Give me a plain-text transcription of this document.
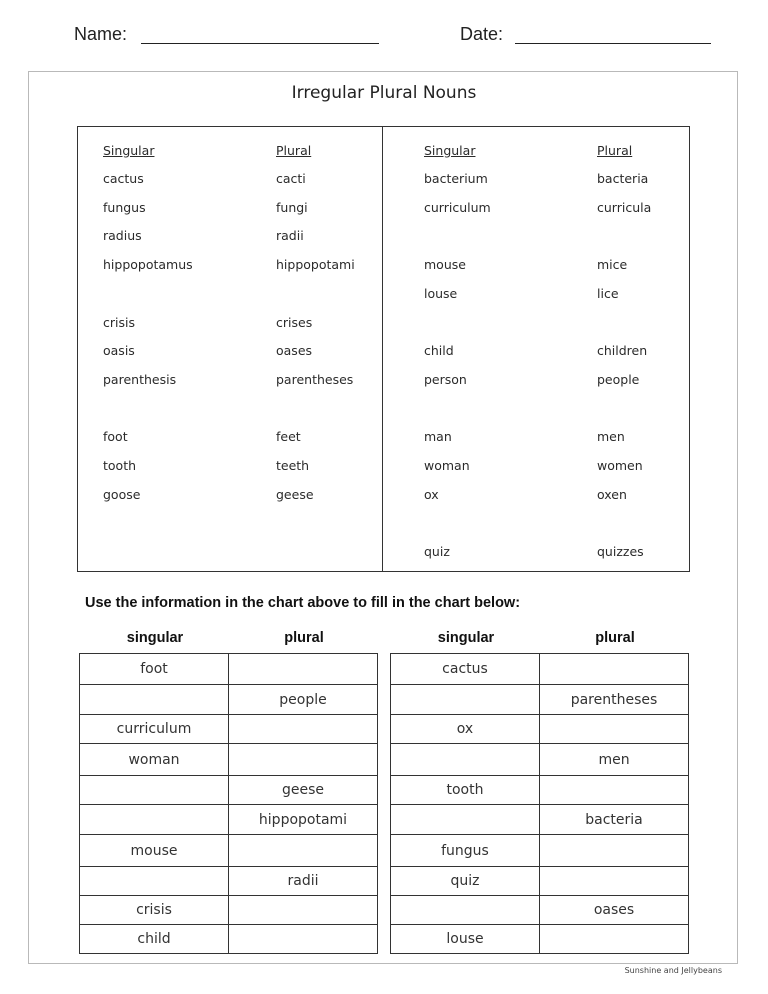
Name:	Date:
Irregular Plural Nouns
Singular	Plural	Singular	Plural
cactus	cacti
fungus	fungi
radius	radii
hippopotamus	hippopotami
crisis	crises
oasis	oases
parenthesis	parentheses
foot	feet
tooth	teeth
goose	geese
bacterium	bacteria
curriculum	curricula
mouse	mice
louse	lice
child	children
person	people
man	men
woman	women
ox	oxen
quiz	quizzes
Use the information in the chart above to fill in the chart below:
singular	plural	singular	plural
foot	
	people
curriculum	
woman	
	geese
	hippopotami
mouse	
	radii
crisis	
child	
cactus	
	parentheses
ox	
	men
tooth	
	bacteria
fungus	
quiz	
	oases
louse	
Sunshine and Jellybeans
